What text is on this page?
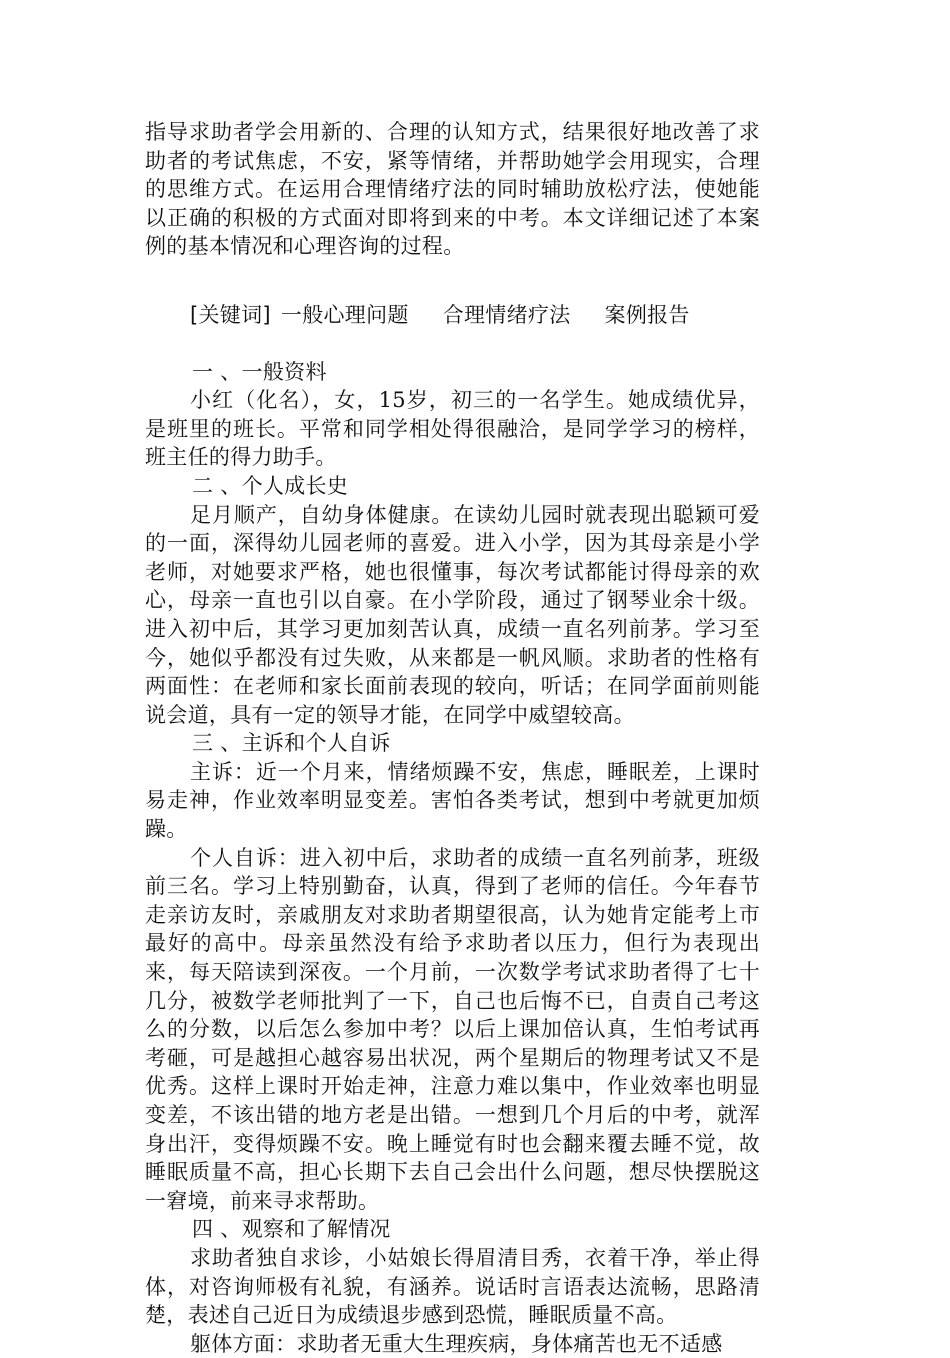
指导求助者学会用新的、合理的认知方式，结果很好地改善了求助者的考试焦虑，不安，紧等情绪，并帮助她学会用现实，合理的思维方式。在运用合理情绪疗法的同时辅助放松疗法，使她能以正确的积极的方式面对即将到来的中考。本文详细记述了本案例的基本情况和心理咨询的过程。

[关键词] 一般心理问题 合理情绪疗法 案例报告

一 、一般资料

小红（化名），女，15岁，初三的一名学生。她成绩优异，是班里的班长。平常和同学相处得很融洽，是同学学习的榜样，班主任的得力助手。

二 、个人成长史

足月顺产，自幼身体健康。在读幼儿园时就表现出聪颖可爱的一面，深得幼儿园老师的喜爱。进入小学，因为其母亲是小学老师，对她要求严格，她也很懂事，每次考试都能讨得母亲的欢心，母亲一直也引以自豪。在小学阶段，通过了钢琴业余十级。进入初中后，其学习更加刻苦认真，成绩一直名列前茅。学习至今，她似乎都没有过失败，从来都是一帆风顺。求助者的性格有两面性：在老师和家长面前表现的较向，听话；在同学面前则能说会道，具有一定的领导才能，在同学中威望较高。

三 、主诉和个人自诉

主诉：近一个月来，情绪烦躁不安，焦虑，睡眠差，上课时易走神，作业效率明显变差。害怕各类考试，想到中考就更加烦躁。

个人自诉：进入初中后，求助者的成绩一直名列前茅，班级前三名。学习上特别勤奋，认真，得到了老师的信任。今年春节走亲访友时，亲戚朋友对求助者期望很高，认为她肯定能考上市最好的高中。母亲虽然没有给予求助者以压力，但行为表现出来，每天陪读到深夜。一个月前，一次数学考试求助者得了七十几分，被数学老师批判了一下，自己也后悔不已，自责自己考这么的分数，以后怎么参加中考？以后上课加倍认真，生怕考试再考砸，可是越担心越容易出状况，两个星期后的物理考试又不是优秀。这样上课时开始走神，注意力难以集中，作业效率也明显变差，不该出错的地方老是出错。一想到几个月后的中考，就浑身出汗，变得烦躁不安。晚上睡觉有时也会翻来覆去睡不觉，故睡眠质量不高，担心长期下去自己会出什么问题，想尽快摆脱这一窘境，前来寻求帮助。

四 、观察和了解情况

求助者独自求诊，小姑娘长得眉清目秀，衣着干净，举止得体，对咨询师极有礼貌，有涵养。说话时言语表达流畅，思路清楚，表述自己近日为成绩退步感到恐慌，睡眠质量不高。

躯体方面：求助者无重大生理疾病，身体痛苦也无不适感
